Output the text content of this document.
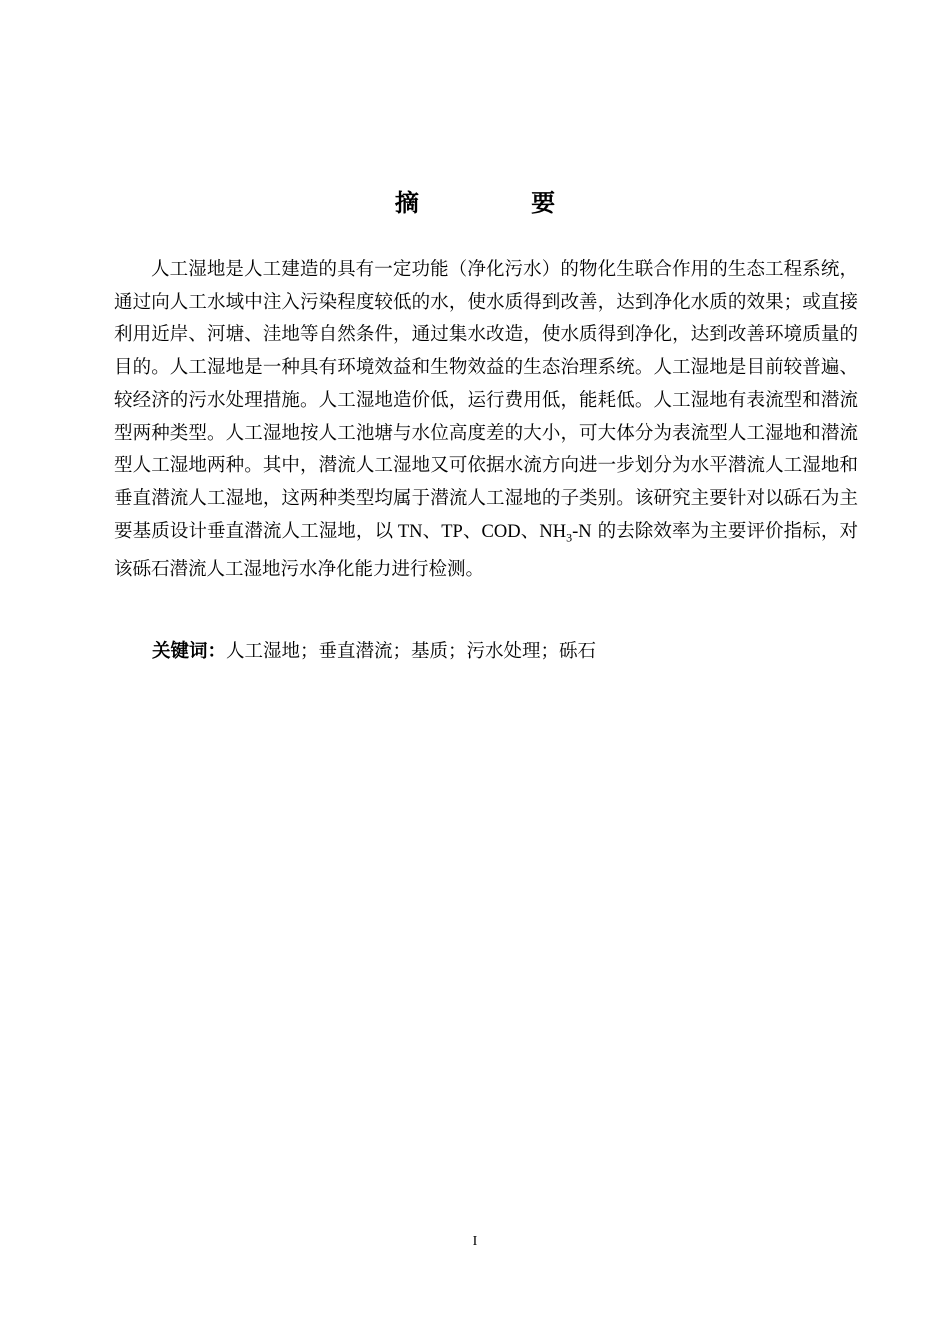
摘 要

人工湿地是人工建造的具有一定功能（净化污水）的物化生联合作用的生态工程系统，通过向人工水域中注入污染程度较低的水，使水质得到改善，达到净化水质的效果；或直接利用近岸、河塘、洼地等自然条件，通过集水改造，使水质得到净化，达到改善环境质量的目的。人工湿地是一种具有环境效益和生物效益的生态治理系统。人工湿地是目前较普遍、较经济的污水处理措施。人工湿地造价低，运行费用低，能耗低。人工湿地有表流型和潜流型两种类型。人工湿地按人工池塘与水位高度差的大小，可大体分为表流型人工湿地和潜流型人工湿地两种。其中，潜流人工湿地又可依据水流方向进一步划分为水平潜流人工湿地和垂直潜流人工湿地，这两种类型均属于潜流人工湿地的子类别。该研究主要针对以砾石为主要基质设计垂直潜流人工湿地，以 TN、TP、COD、$NH_3-N$ 的去除效率为主要评价指标，对该砾石潜流人工湿地污水净化能力进行检测。

关键词：人工湿地；垂直潜流；基质；污水处理；砾石

I
